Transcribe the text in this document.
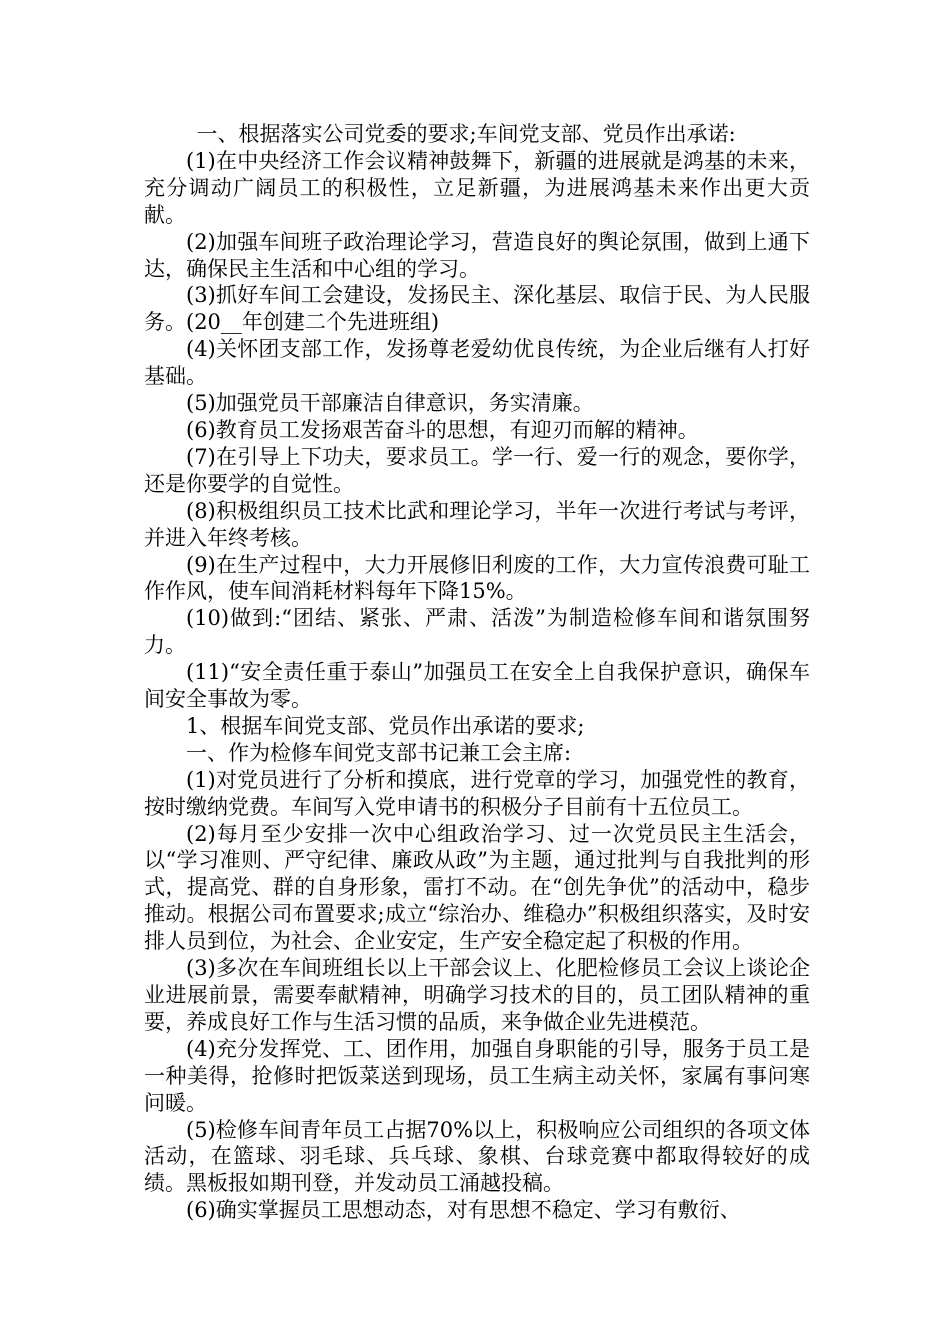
一、根据落实公司党委的要求;车间党支部、党员作出承诺:

(1)在中央经济工作会议精神鼓舞下，新疆的进展就是鸿基的未来，充分调动广阔员工的积极性，立足新疆，为进展鸿基未来作出更大贡献。

(2)加强车间班子政治理论学习，营造良好的舆论氛围，做到上通下达，确保民主生活和中心组的学习。

(3)抓好车间工会建设，发扬民主、深化基层、取信于民、为人民服务。(20__年创建二个先进班组)

(4)关怀团支部工作，发扬尊老爱幼优良传统，为企业后继有人打好基础。

(5)加强党员干部廉洁自律意识，务实清廉。

(6)教育员工发扬艰苦奋斗的思想，有迎刃而解的精神。

(7)在引导上下功夫，要求员工。学一行、爱一行的观念，要你学，还是你要学的自觉性。

(8)积极组织员工技术比武和理论学习，半年一次进行考试与考评，并进入年终考核。

(9)在生产过程中，大力开展修旧利废的工作，大力宣传浪费可耻工作作风，使车间消耗材料每年下降15%。

(10)做到:“团结、紧张、严肃、活泼”为制造检修车间和谐氛围努力。

(11)“安全责任重于泰山”加强员工在安全上自我保护意识，确保车间安全事故为零。

1、根据车间党支部、党员作出承诺的要求;

一、作为检修车间党支部书记兼工会主席:

(1)对党员进行了分析和摸底，进行党章的学习，加强党性的教育，按时缴纳党费。车间写入党申请书的积极分子目前有十五位员工。

(2)每月至少安排一次中心组政治学习、过一次党员民主生活会，以“学习准则、严守纪律、廉政从政”为主题，通过批判与自我批判的形式，提高党、群的自身形象，雷打不动。在“创先争优”的活动中，稳步推动。根据公司布置要求;成立“综治办、维稳办”积极组织落实，及时安排人员到位，为社会、企业安定，生产安全稳定起了积极的作用。

(3)多次在车间班组长以上干部会议上、化肥检修员工会议上谈论企业进展前景，需要奉献精神，明确学习技术的目的，员工团队精神的重要，养成良好工作与生活习惯的品质，来争做企业先进模范。

(4)充分发挥党、工、团作用，加强自身职能的引导，服务于员工是一种美得，抢修时把饭菜送到现场，员工生病主动关怀，家属有事问寒问暖。

(5)检修车间青年员工占据70%以上，积极响应公司组织的各项文体活动，在篮球、羽毛球、兵乓球、象棋、台球竞赛中都取得较好的成绩。黑板报如期刊登，并发动员工涌越投稿。

(6)确实掌握员工思想动态，对有思想不稳定、学习有敷衍、
